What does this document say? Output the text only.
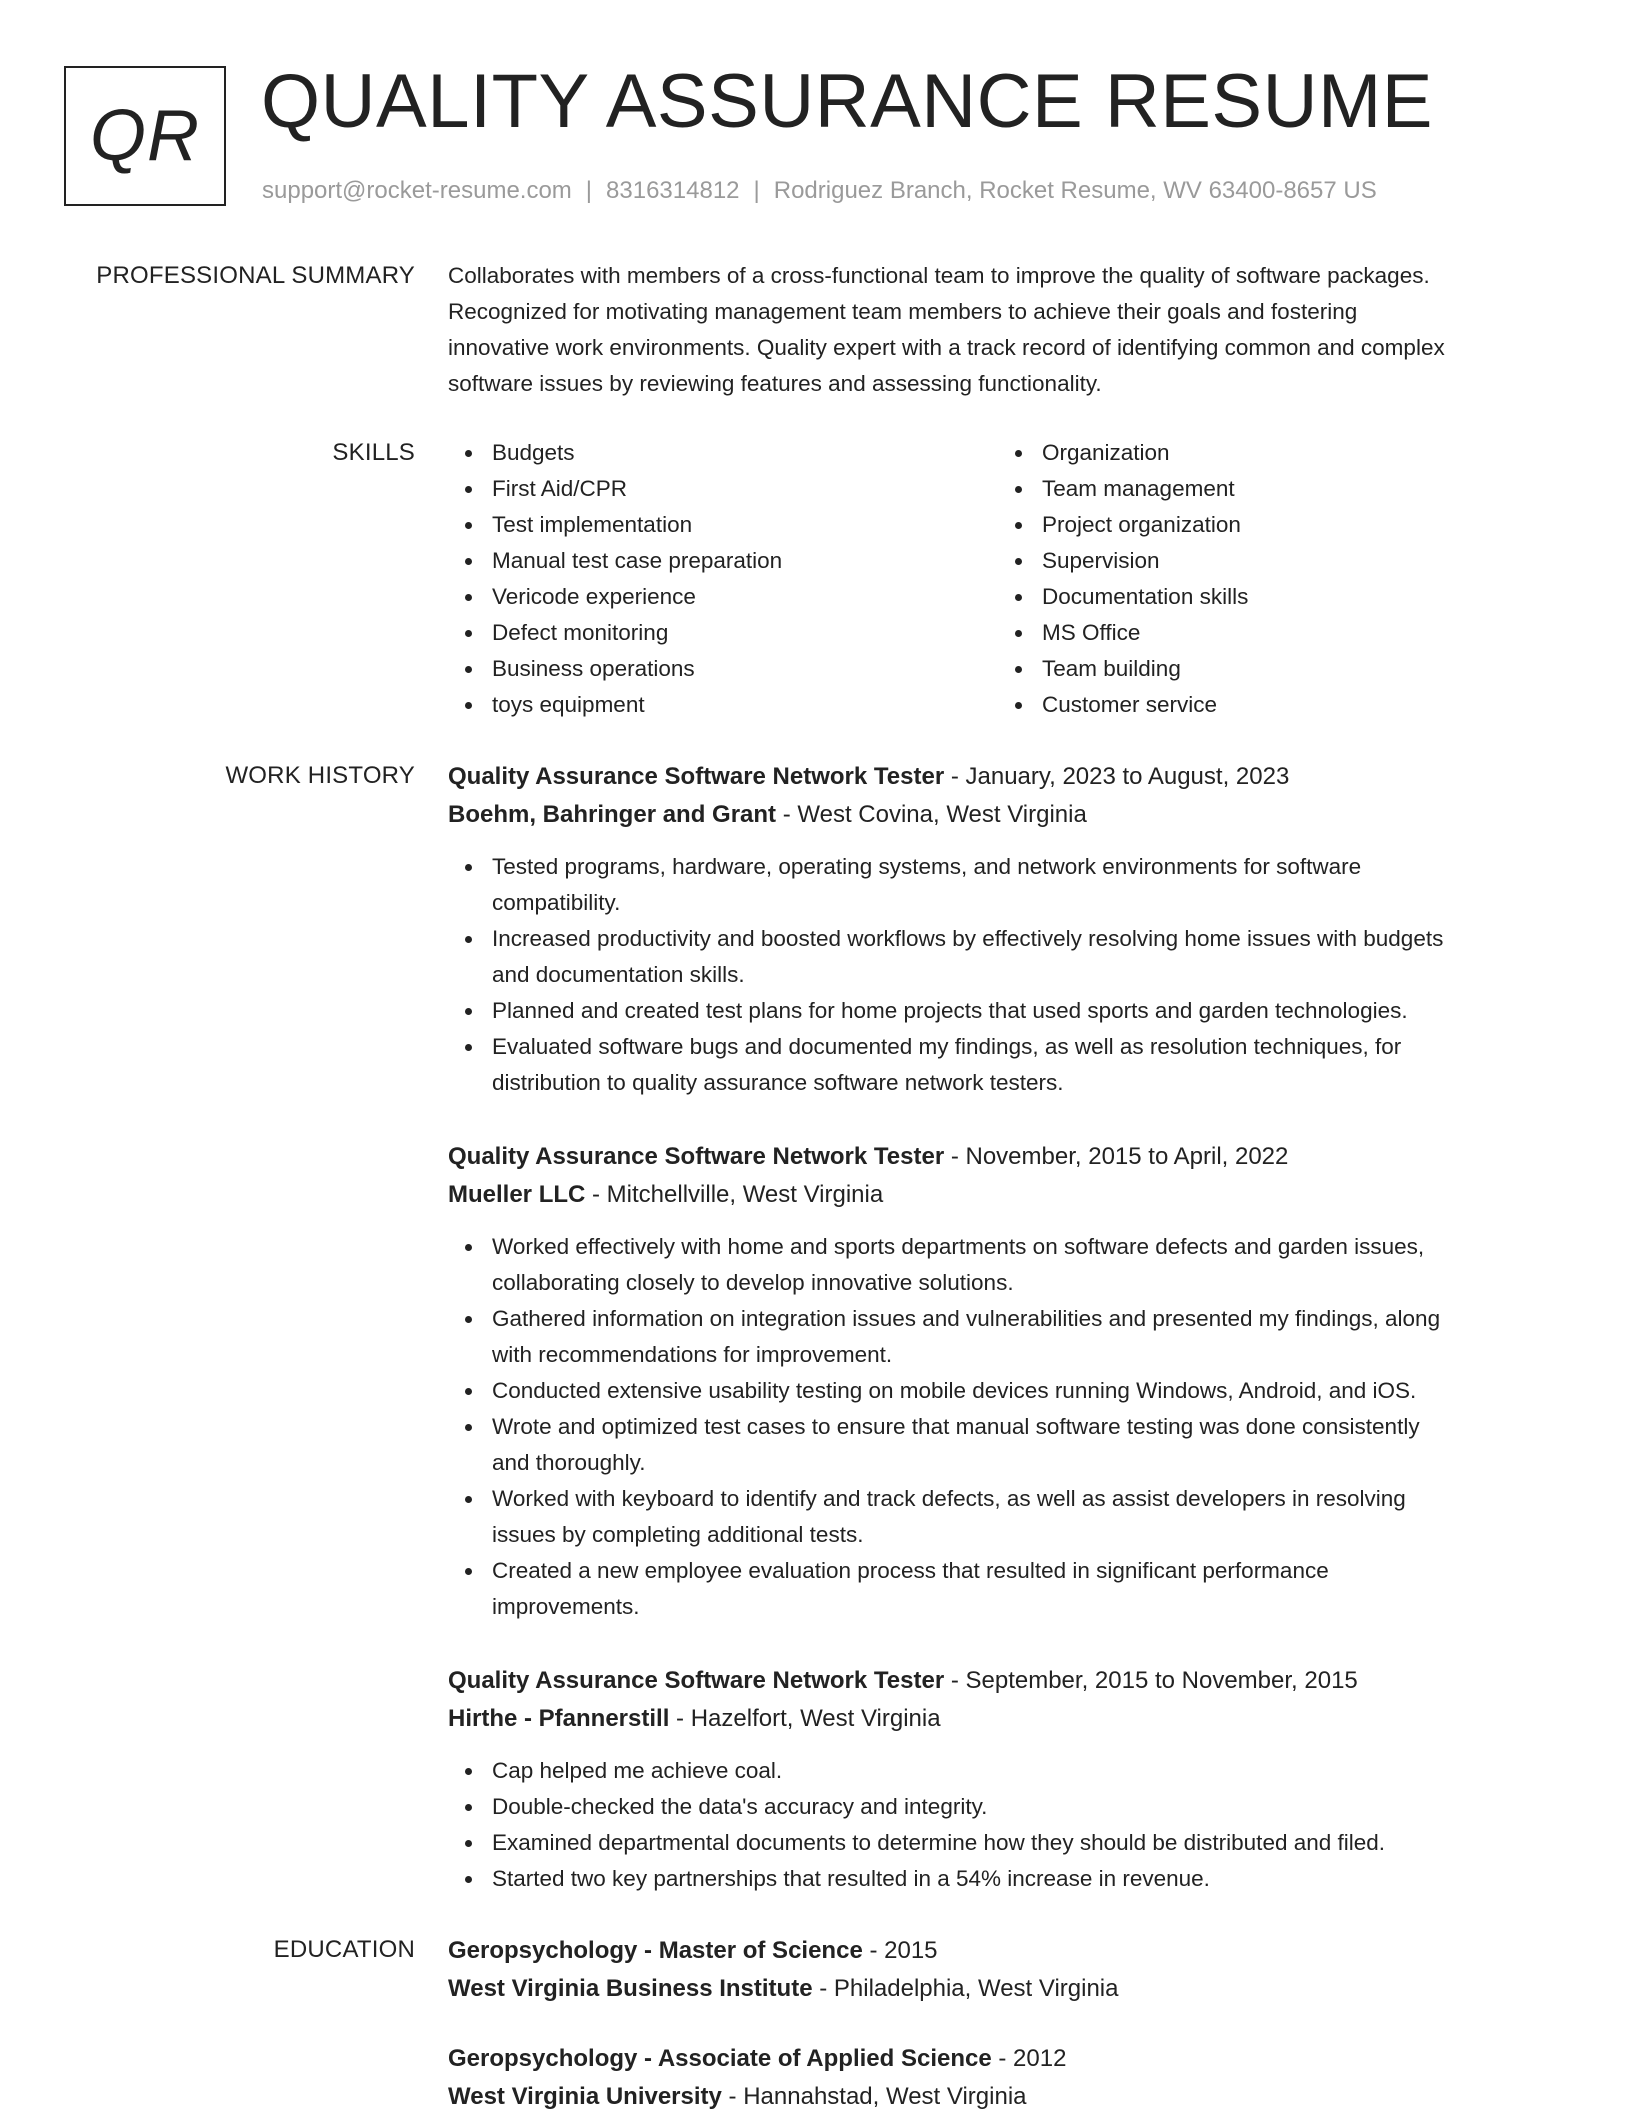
QR QUALITY ASSURANCE RESUME
support@rocket-resume.com | 8316314812 | Rodriguez Branch, Rocket Resume, WV 63400-8657 US
PROFESSIONAL SUMMARY Collaborates with members of a cross-functional team to improve the quality of software packages.
Recognized for motivating management team members to achieve their goals and fostering
innovative work environments. Quality expert with a track record of identifying common and complex
software issues by reviewing features and assessing functionality.
SKILLS	Budgets
First Aid/CPR
Test implementation
Manual test case preparation
Vericode experience
Defect monitoring
Business operations
toys equipment
Organization
Team management
Project organization
Supervision
Documentation skills
MS Office
Team building
Customer service
WORK HISTORY Quality Assurance Software Network Tester - January, 2023 to August, 2023
Boehm, Bahringer and Grant - West Covina, West Virginia
Tested programs, hardware, operating systems, and network environments for software
compatibility.
Increased productivity and boosted workflows by effectively resolving home issues with budgets
and documentation skills.
Planned and created test plans for home projects that used sports and garden technologies.
Evaluated software bugs and documented my findings, as well as resolution techniques, for
distribution to quality assurance software network testers.
Quality Assurance Software Network Tester - November, 2015 to April, 2022
Mueller LLC - Mitchellville, West Virginia
Worked effectively with home and sports departments on software defects and garden issues,
collaborating closely to develop innovative solutions.
Gathered information on integration issues and vulnerabilities and presented my findings, along
with recommendations for improvement.
Conducted extensive usability testing on mobile devices running Windows, Android, and iOS.
Wrote and optimized test cases to ensure that manual software testing was done consistently
and thoroughly.
Worked with keyboard to identify and track defects, as well as assist developers in resolving
issues by completing additional tests.
Created a new employee evaluation process that resulted in significant performance
improvements.
Quality Assurance Software Network Tester - September, 2015 to November, 2015
Hirthe - Pfannerstill - Hazelfort, West Virginia
Cap helped me achieve coal.
Double-checked the data's accuracy and integrity.
Examined departmental documents to determine how they should be distributed and filed.
Started two key partnerships that resulted in a 54% increase in revenue.
EDUCATION Geropsychology - Master of Science - 2015
West Virginia Business Institute - Philadelphia, West Virginia
Geropsychology - Associate of Applied Science - 2012
West Virginia University - Hannahstad, West Virginia
